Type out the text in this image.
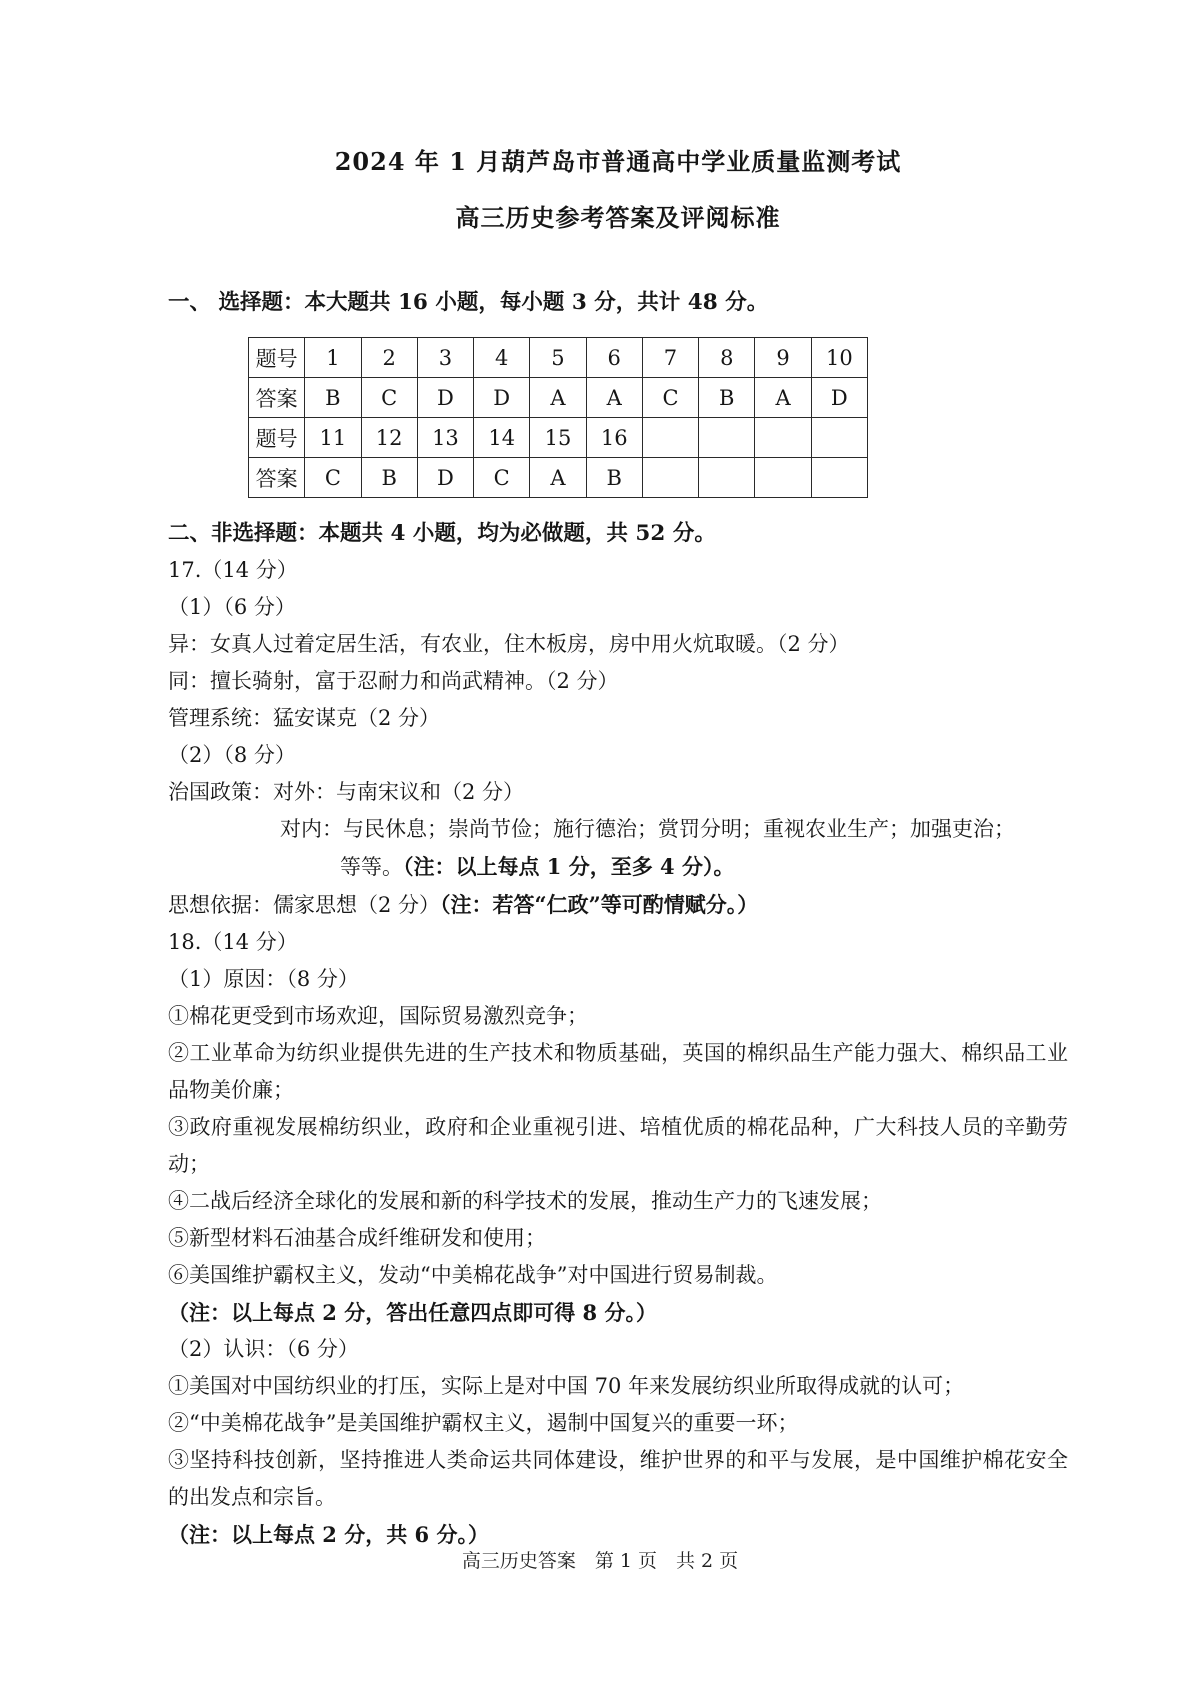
2024 年 1 月葫芦岛市普通高中学业质量监测考试
高三历史参考答案及评阅标准

一、 选择题：本大题共 16 小题，每小题 3 分，共计 48 分。

题号	1	2	3	4	5	6	7	8	9	10
答案	B	C	D	D	A	A	C	B	A	D
题号	11	12	13	14	15	16				
答案	C	B	D	C	A	B				

二、非选择题：本题共 4 小题，均为必做题，共 52 分。

17.（14 分）

（1）（6 分）

异：女真人过着定居生活，有农业，住木板房，房中用火炕取暖。（2 分）

同：擅长骑射，富于忍耐力和尚武精神。（2 分）

管理系统：猛安谋克（2 分）

（2）（8 分）

治国政策：对外：与南宋议和（2 分）

对内：与民休息；崇尚节俭；施行德治；赏罚分明；重视农业生产；加强吏治；

等等。（注：以上每点 1 分，至多 4 分）。

思想依据：儒家思想（2 分）（注：若答“仁政”等可酌情赋分。）

18.（14 分）

（1）原因：（8 分）

①棉花更受到市场欢迎，国际贸易激烈竞争；

②工业革命为纺织业提供先进的生产技术和物质基础，英国的棉织品生产能力强大、棉织品工业品物美价廉；

③政府重视发展棉纺织业，政府和企业重视引进、培植优质的棉花品种，广大科技人员的辛勤劳动；

④二战后经济全球化的发展和新的科学技术的发展，推动生产力的飞速发展；

⑤新型材料石油基合成纤维研发和使用；

⑥美国维护霸权主义，发动“中美棉花战争”对中国进行贸易制裁。

（注：以上每点 2 分，答出任意四点即可得 8 分。）

（2）认识：（6 分）

①美国对中国纺织业的打压，实际上是对中国 70 年来发展纺织业所取得成就的认可；

②“中美棉花战争”是美国维护霸权主义，遏制中国复兴的重要一环；

③坚持科技创新，坚持推进人类命运共同体建设，维护世界的和平与发展，是中国维护棉花安全的出发点和宗旨。

（注：以上每点 2 分，共 6 分。）

高三历史答案　第 1 页　共 2 页
